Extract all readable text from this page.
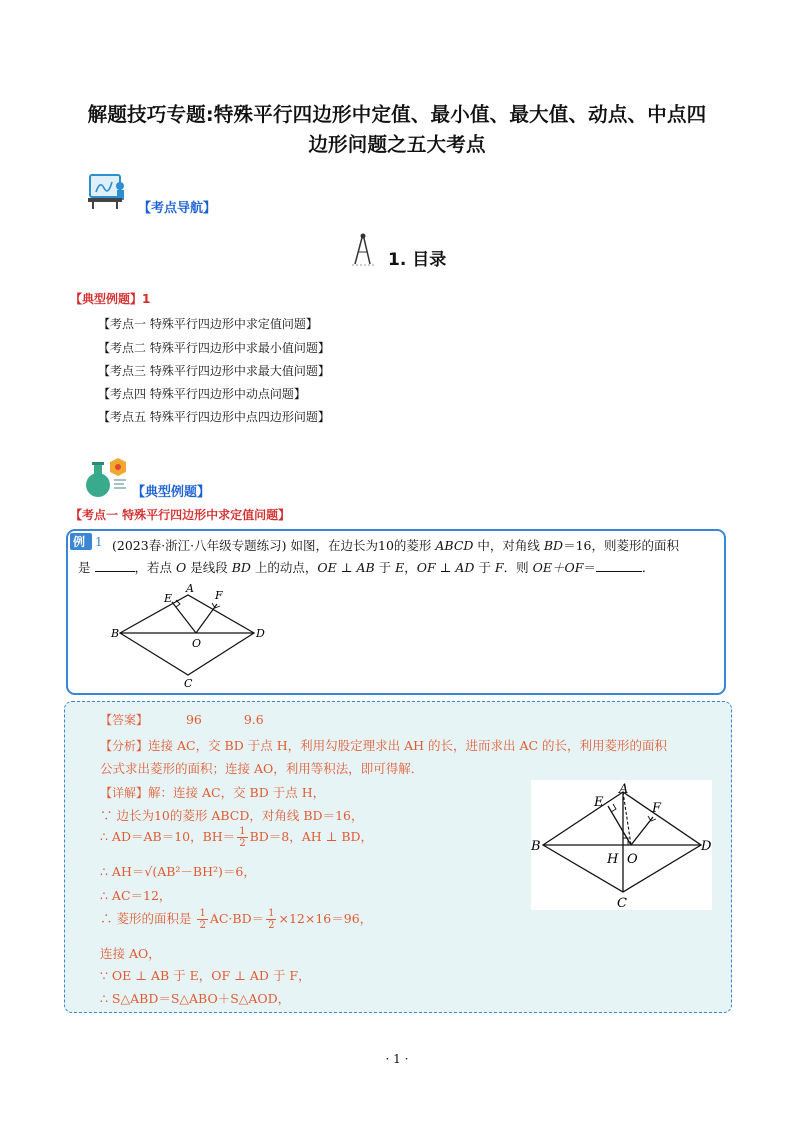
解题技巧专题:特殊平行四边形中定值、最小值、最大值、动点、中点四
边形问题之五大考点
【考点导航】
1. 目录
【典型例题】1
【考点一 特殊平行四边形中求定值问题】
【考点二 特殊平行四边形中求最小值问题】
【考点三 特殊平行四边形中求最大值问题】
【考点四 特殊平行四边形中动点问题】
【考点五 特殊平行四边形中点四边形问题】
【典型例题】
【考点一 特殊平行四边形中求定值问题】
例 1 (2023春·浙江·八年级专题练习) 如图，在边长为10的菱形 ABCD 中，对角线 BD＝16，则菱形的面积
是	，若点 O 是线段 BD 上的动点，OE ⊥ AB 于 E，OF ⊥ AD 于 F．则 OE＋OF＝	．
A
B	D
C
E	F
O
【答案】	96	9.6
【分析】连接 AC，交 BD 于点 H，利用勾股定理求出 AH 的长，进而求出 AC 的长，利用菱形的面积
公式求出菱形的面积；连接 AO，利用等积法，即可得解．
【详解】解：连接 AC，交 BD 于点 H，
∵ 边长为10的菱形 ABCD，对角线 BD＝16，
∴ AD＝AB＝10，$BH= \frac{1}{2} BD=8$，AH ⊥ BD，
∴ AH＝√(AB²－BH²)＝6，
∴ AC＝12，
∴ 菱形的面积是 $\frac{1}{2} AC\cdot BD= \frac{1}{2} \times 12\times 16=96$，
连接 AO，
∵ OE ⊥ AB 于 E，OF ⊥ AD 于 F，
∴ S△ABD＝S△ABO＋S△AOD，
A
B	D
C
E	F
H O
· 1 ·
